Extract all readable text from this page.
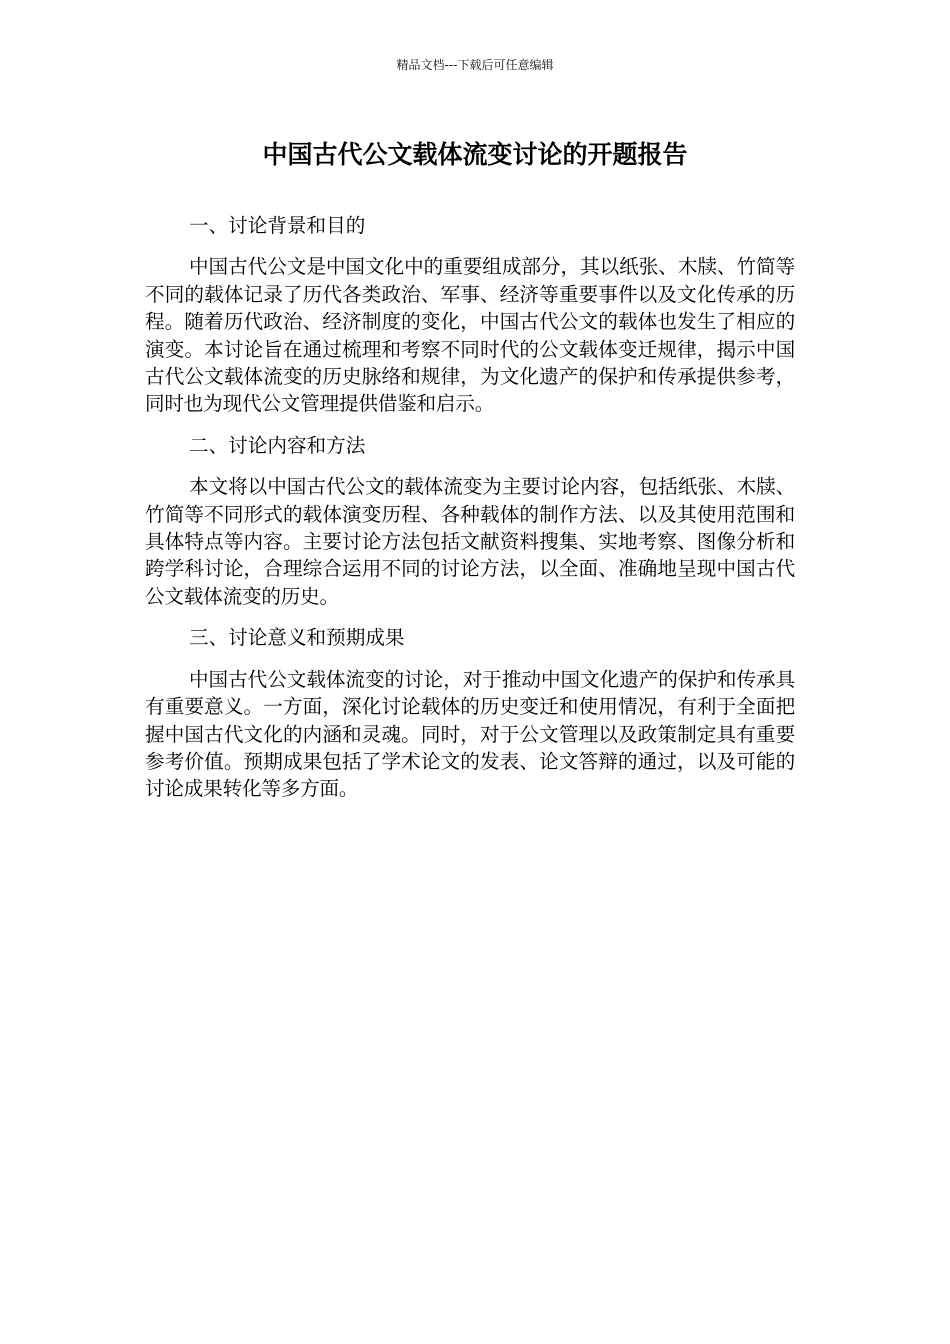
精品文档---下载后可任意编辑
中国古代公文载体流变讨论的开题报告
一、讨论背景和目的

中国古代公文是中国文化中的重要组成部分，其以纸张、木牍、竹简等不同的载体记录了历代各类政治、军事、经济等重要事件以及文化传承的历程。随着历代政治、经济制度的变化，中国古代公文的载体也发生了相应的演变。本讨论旨在通过梳理和考察不同时代的公文载体变迁规律，揭示中国古代公文载体流变的历史脉络和规律，为文化遗产的保护和传承提供参考，同时也为现代公文管理提供借鉴和启示。

二、讨论内容和方法

本文将以中国古代公文的载体流变为主要讨论内容，包括纸张、木牍、竹简等不同形式的载体演变历程、各种载体的制作方法、以及其使用范围和具体特点等内容。主要讨论方法包括文献资料搜集、实地考察、图像分析和跨学科讨论，合理综合运用不同的讨论方法，以全面、准确地呈现中国古代公文载体流变的历史。

三、讨论意义和预期成果

中国古代公文载体流变的讨论，对于推动中国文化遗产的保护和传承具有重要意义。一方面，深化讨论载体的历史变迁和使用情况，有利于全面把握中国古代文化的内涵和灵魂。同时，对于公文管理以及政策制定具有重要参考价值。预期成果包括了学术论文的发表、论文答辩的通过，以及可能的讨论成果转化等多方面。
